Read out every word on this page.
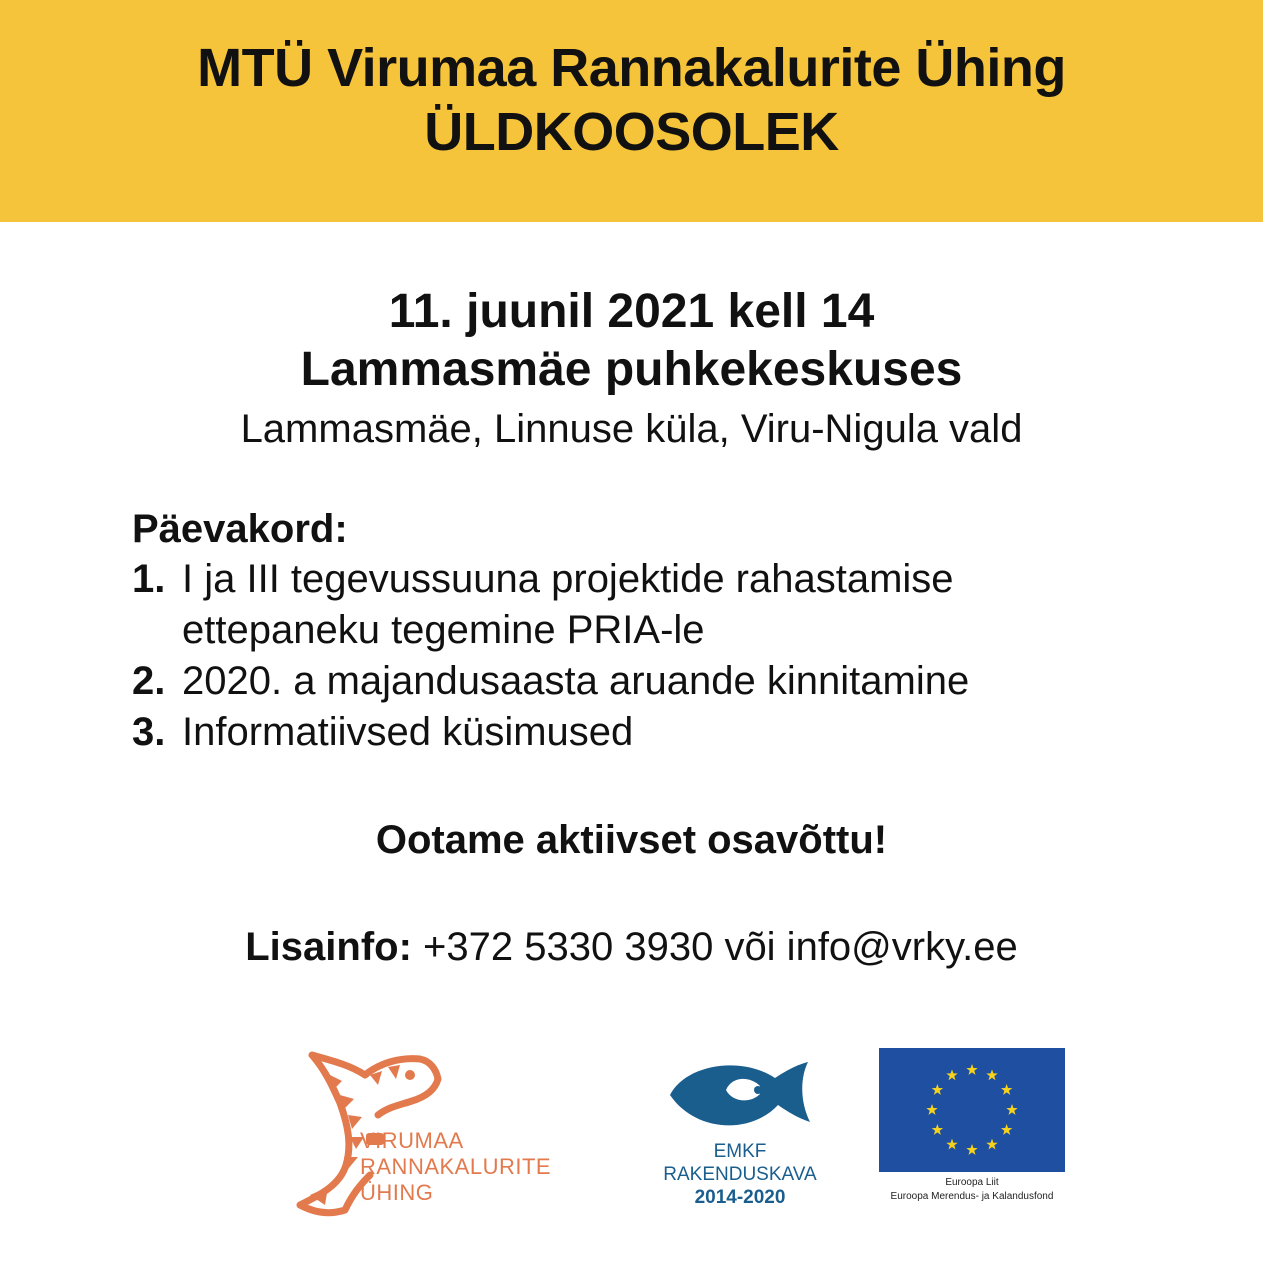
MTÜ Virumaa Rannakalurite Ühing
ÜLDKOOSOLEK
11. juunil 2021 kell 14
Lammasmäe puhkekeskuses
Lammasmäe, Linnuse küla, Viru-Nigula vald
Päevakord:
1. I ja III tegevussuuna projektide rahastamise
ettepaneku tegemine PRIA-le
2. 2020. a majandusaasta aruande kinnitamine
3. Informatiivsed küsimused
Ootame aktiivset osavõttu!
Lisainfo: +372 5330 3930 või info@vrky.ee
VIRUMAA
RANNAKALURITE
ÜHING
EMKF
RAKENDUSKAVA
2014-2020
Euroopa Liit
Euroopa Merendus- ja Kalandusfond
